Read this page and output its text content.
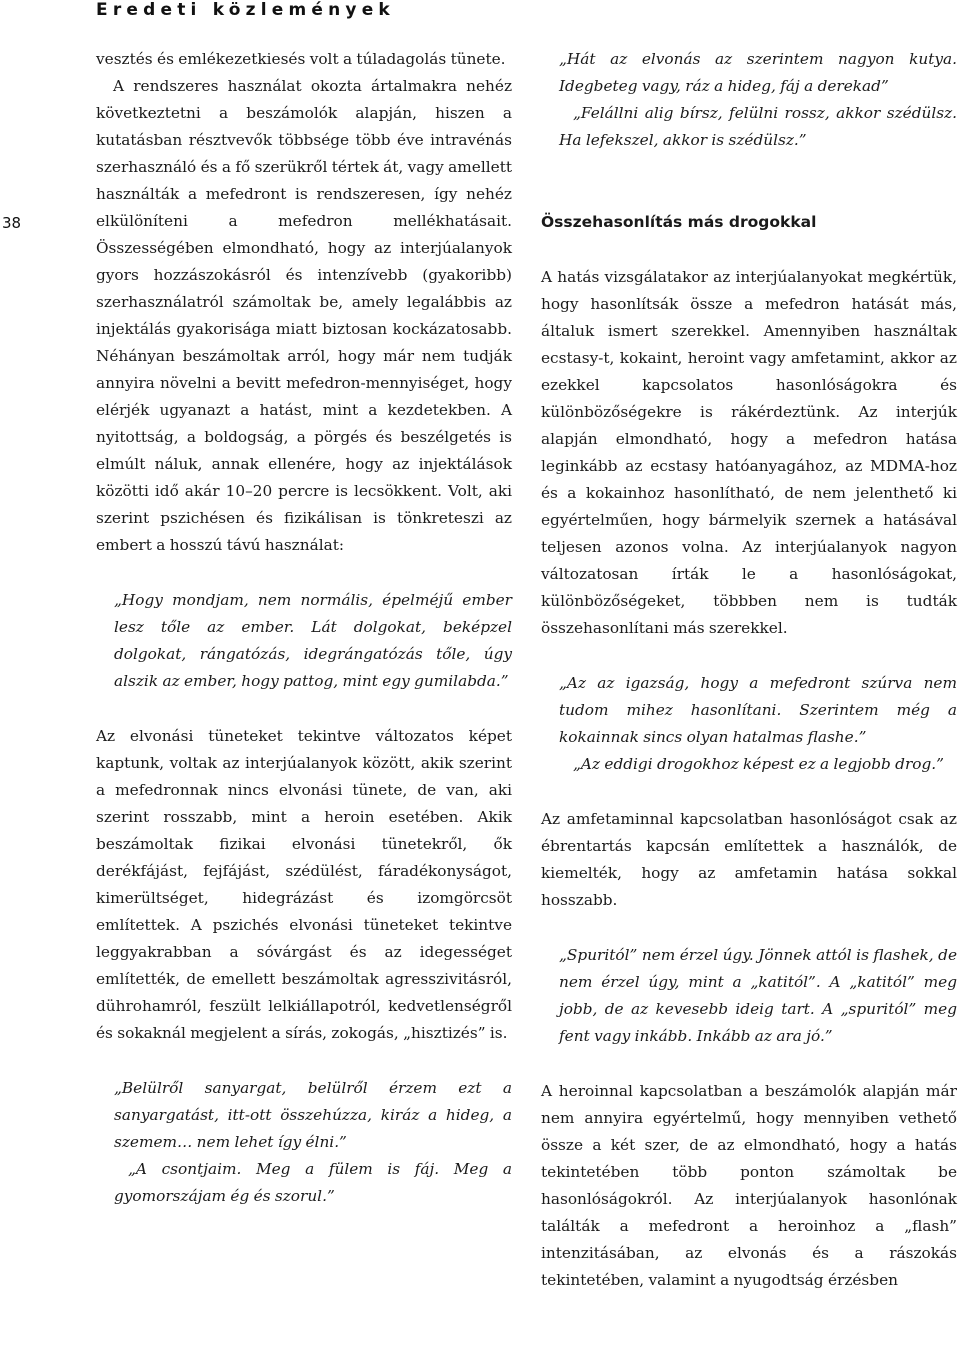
Eredeti közlemények
38

vesztés és emlékezetkiesés volt a túladagolás tünete.

A rendszeres használat okozta ártalmakra nehéz következtetni a beszámolók alapján, hiszen a kutatásban résztvevők többsége több éve intravénás szerhasználó és a fő szerükről tértek át, vagy amellett használták a mefedront is rendszeresen, így nehéz elkülöníteni a mefedron mellékhatásait. Összességében elmondható, hogy az interjúalanyok gyors hozzászokásról és intenzívebb (gyakoribb) szerhasználatról számoltak be, amely legalábbis az injektálás gyakorisága miatt biztosan kockázatosabb. Néhányan beszámoltak arról, hogy már nem tudják annyira növelni a bevitt mefedron-mennyiséget, hogy elérjék ugyanazt a hatást, mint a kezdetekben. A nyitottság, a boldogság, a pörgés és beszélgetés is elmúlt náluk, annak ellenére, hogy az injektálások közötti idő akár 10–20 percre is lecsökkent. Volt, aki szerint pszichésen és fizikálisan is tönkreteszi az embert a hosszú távú használat:

„Hogy mondjam, nem normális, épelméjű ember lesz tőle az ember. Lát dolgokat, beképzel dolgokat, rángatózás, idegrángatózás tőle, úgy alszik az ember, hogy pattog, mint egy gumilabda.”

Az elvonási tüneteket tekintve változatos képet kaptunk, voltak az interjúalanyok között, akik szerint a mefedronnak nincs elvonási tünete, de van, aki szerint rosszabb, mint a heroin esetében. Akik beszámoltak fizikai elvonási tünetekről, ők derékfájást, fejfájást, szédülést, fáradékonyságot, kimerültséget, hidegrázást és izomgörcsöt említettek. A pszichés elvonási tüneteket tekintve leggyakrabban a sóvárgást és az idegességet említették, de emellett beszámoltak agresszivitásról, dührohamról, feszült lelkiállapotról, kedvetlenségről és sokaknál megjelent a sírás, zokogás, „hisztizés” is.

„Belülről sanyargat, belülről érzem ezt a sanyargatást, itt-ott összehúzza, kiráz a hideg, a szemem… nem lehet így élni.”

„A csontjaim. Meg a fülem is fáj. Meg a gyomorszájam ég és szorul.”

„Hát az elvonás az szerintem nagyon kutya. Idegbeteg vagy, ráz a hideg, fáj a derekad”

„Felállni alig bírsz, felülni rossz, akkor szédülsz. Ha lefekszel, akkor is szédülsz.”

Összehasonlítás más drogokkal

A hatás vizsgálatakor az interjúalanyokat megkértük, hogy hasonlítsák össze a mefedron hatását más, általuk ismert szerekkel. Amennyiben használtak ecstasy-t, kokaint, heroint vagy amfetamint, akkor az ezekkel kapcsolatos hasonlóságokra és különbözőségekre is rákérdeztünk. Az interjúk alapján elmondható, hogy a mefedron hatása leginkább az ecstasy hatóanyagához, az MDMA-hoz és a kokainhoz hasonlítható, de nem jelenthető ki egyértelműen, hogy bármelyik szernek a hatásával teljesen azonos volna. Az interjúalanyok nagyon változatosan írták le a hasonlóságokat, különbözőségeket, többben nem is tudták összehasonlítani más szerekkel.

„Az az igazság, hogy a mefedront szúrva nem tudom mihez hasonlítani. Szerintem még a kokainnak sincs olyan hatalmas flashe.”

„Az eddigi drogokhoz képest ez a legjobb drog.”

Az amfetaminnal kapcsolatban hasonlóságot csak az ébrentartás kapcsán említettek a használók, de kiemelték, hogy az amfetamin hatása sokkal hosszabb.

„Spuritól” nem érzel úgy. Jönnek attól is flashek, de nem érzel úgy, mint a „katitól”. A „katitól” meg jobb, de az kevesebb ideig tart. A „spuritól” meg fent vagy inkább. Inkább az ara jó.”

A heroinnal kapcsolatban a beszámolók alapján már nem annyira egyértelmű, hogy mennyiben vethető össze a két szer, de az elmondható, hogy a hatás tekintetében több ponton számoltak be hasonlóságokról. Az interjúalanyok hasonlónak találták a mefedront a heroinhoz a „flash” intenzitásában, az elvonás és a rászokás tekintetében, valamint a nyugodtság érzésben
